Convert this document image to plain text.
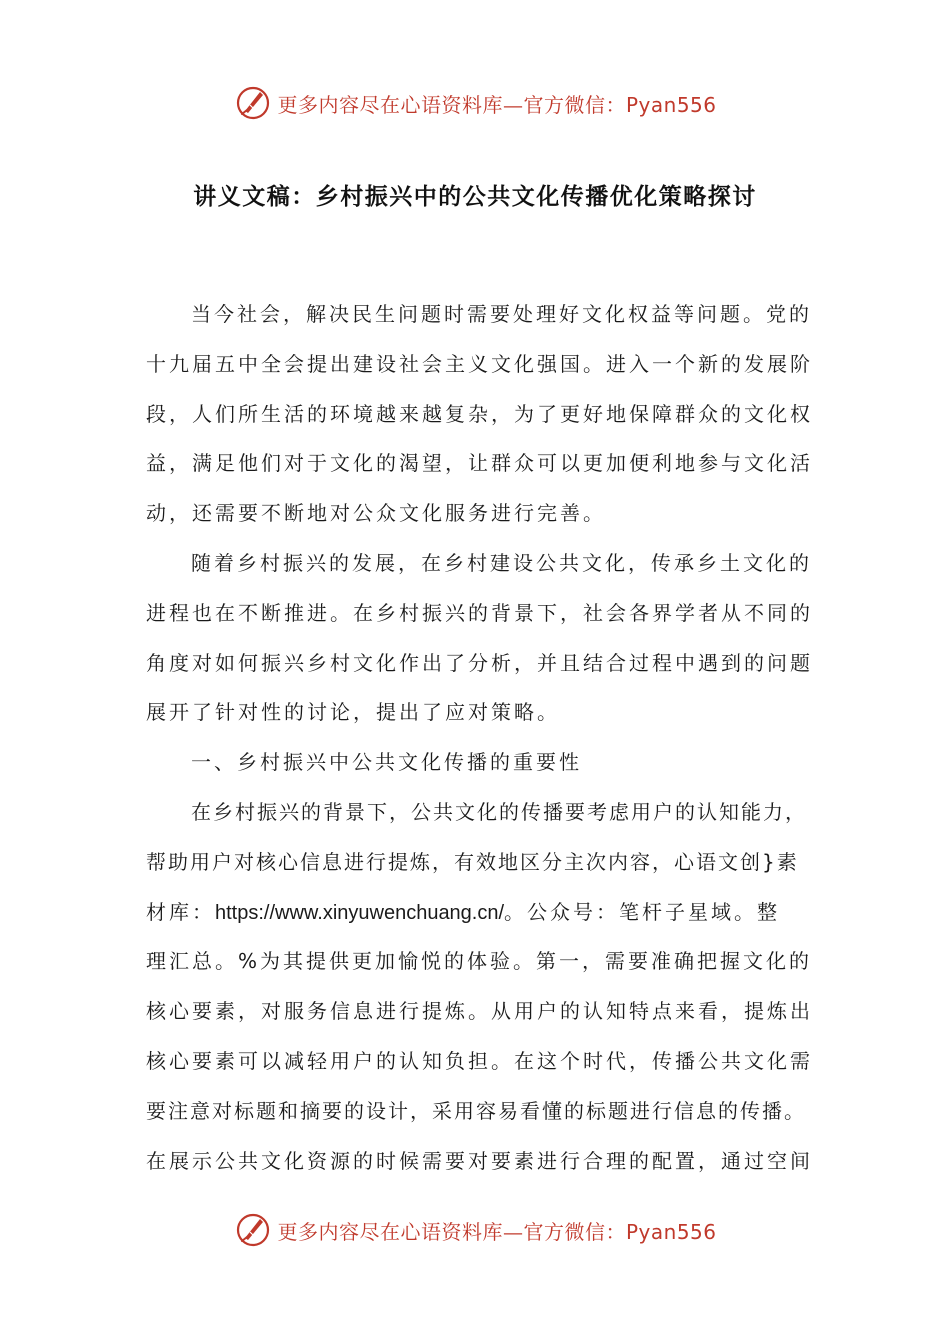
更多内容尽在心语资料库—官方微信：Pyan556
讲义文稿：乡村振兴中的公共文化传播优化策略探讨
当今社会，解决民生问题时需要处理好文化权益等问题。党的
十九届五中全会提出建设社会主义文化强国。进入一个新的发展阶
段，人们所生活的环境越来越复杂，为了更好地保障群众的文化权
益，满足他们对于文化的渴望，让群众可以更加便利地参与文化活
动，还需要不断地对公众文化服务进行完善。
随着乡村振兴的发展，在乡村建设公共文化，传承乡土文化的
进程也在不断推进。在乡村振兴的背景下，社会各界学者从不同的
角度对如何振兴乡村文化作出了分析，并且结合过程中遇到的问题
展开了针对性的讨论，提出了应对策略。
一、乡村振兴中公共文化传播的重要性
在乡村振兴的背景下，公共文化的传播要考虑用户的认知能力，
帮助用户对核心信息进行提炼，有效地区分主次内容，心语文创}素
材库：https://www.xinyuwenchuang.cn/。公众号：笔杆子星域。整
理汇总。%为其提供更加愉悦的体验。第一，需要准确把握文化的
核心要素，对服务信息进行提炼。从用户的认知特点来看，提炼出
核心要素可以减轻用户的认知负担。在这个时代，传播公共文化需
要注意对标题和摘要的设计，采用容易看懂的标题进行信息的传播。
在展示公共文化资源的时候需要对要素进行合理的配置，通过空间
更多内容尽在心语资料库—官方微信：Pyan556
